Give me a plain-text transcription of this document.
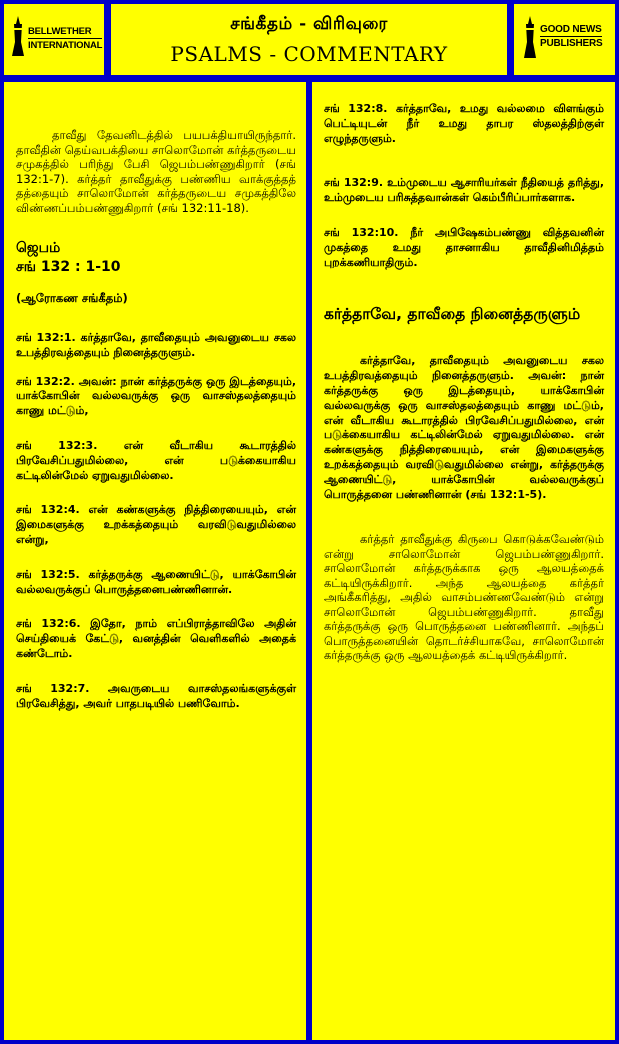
BELLWETHER
INTERNATIONAL
சங்கீதம் - விரிவுரை
PSALMS - COMMENTARY
GOOD NEWS
PUBLISHERS

தாவீது தேவனிடத்தில் பயபக்தியாயிருந்தார். தாவீதின் தெய்வபக்தியை சாலொமோன் கர்த்தருடைய சமுகத்தில் பரிந்து பேசி ஜெபம்பண்ணுகிறார் (சங் 132:1-7). கர்த்தர் தாவீதுக்கு பண்ணிய வாக்குத்தத் தத்தையும் சாலொமோன் கர்த்தருடைய சமுகத்திலே விண்ணப்பம்பண்ணுகிறார் (சங் 132:11-18).

ஜெபம்
சங் 132 : 1-10
(ஆரோகண சங்கீதம்)

சங் 132:1. கர்த்தாவே, தாவீதையும் அவனுடைய சகல உபத்திரவத்தையும் நினைத்தருளும்.

சங் 132:2. அவன்: நான் கர்த்தருக்கு ஒரு இடத்தையும், யாக்கோபின் வல்லவருக்கு ஒரு வாசஸ்தலத்தையும் காணு மட்டும்,

சங் 132:3. என் வீடாகிய கூடாரத்தில் பிரவேசிப்பதுமில்லை, என் படுக்கையாகிய கட்டிலின்மேல் ஏறுவதுமில்லை.

சங் 132:4. என் கண்களுக்கு நித்திரையையும், என் இமைகளுக்கு உறக்கத்தையும் வரவிடுவதுமில்லை என்று,

சங் 132:5. கர்த்தருக்கு ஆணையிட்டு, யாக்கோபின் வல்லவருக்குப் பொருத்தனைபண்ணினான்.

சங் 132:6. இதோ, நாம் எப்பிராத்தாவிலே அதின் செய்தியைக் கேட்டு, வனத்தின் வெளிகளில் அதைக் கண்டோம்.

சங் 132:7. அவருடைய வாசஸ்தலங்களுக்குள் பிரவேசித்து, அவர் பாதபடியில் பணிவோம்.

சங் 132:8. கர்த்தாவே, உமது வல்லமை விளங்கும் பெட்டியுடன் நீர் உமது தாபர ஸ்தலத்திற்குள் எழுந்தருளும்.

சங் 132:9. உம்முடைய ஆசாரியர்கள் நீதியைத் தரித்து, உம்முடைய பரிசுத்தவான்கள் கெம்பீரிப்பார்களாக.

சங் 132:10. நீர் அபிஷேகம்பண்ணு வித்தவனின் முகத்தை உமது தாசனாகிய தாவீதினிமித்தம் புறக்கணியாதிரும்.

கர்த்தாவே, தாவீதை நினைத்தருளும்

கர்த்தாவே, தாவீதையும் அவனுடைய சகல உபத்திரவத்தையும் நினைத்தருளும். அவன்: நான் கர்த்தருக்கு ஒரு இடத்தையும், யாக்கோபின் வல்லவருக்கு ஒரு வாசஸ்தலத்தையும் காணு மட்டும், என் வீடாகிய கூடாரத்தில் பிரவேசிப்பதுமில்லை, என் படுக்கையாகிய கட்டிலின்மேல் ஏறுவதுமில்லை. என் கண்களுக்கு நித்திரையையும், என் இமைகளுக்கு உறக்கத்தையும் வரவிடுவதுமில்லை என்று, கர்த்தருக்கு ஆணையிட்டு, யாக்கோபின் வல்லவருக்குப் பொருத்தனை பண்ணினான் (சங் 132:1-5).

கர்த்தர் தாவீதுக்கு கிருபை கொடுக்கவேண்டும் என்று சாலொமோன் ஜெபம்பண்ணுகிறார். சாலொமோன் கர்த்தருக்காக ஒரு ஆலயத்தைக் கட்டியிருக்கிறார். அந்த ஆலயத்தை கர்த்தர் அங்கீகரித்து, அதில் வாசம்பண்ணவேண்டும் என்று சாலொமோன் ஜெபம்பண்ணுகிறார். தாவீது கர்த்தருக்கு ஒரு பொருத்தனை பண்ணினார். அந்தப் பொருத்தனையின் தொடர்ச்சியாகவே, சாலொமோன் கர்த்தருக்கு ஒரு ஆலயத்தைக் கட்டியிருக்கிறார்.
